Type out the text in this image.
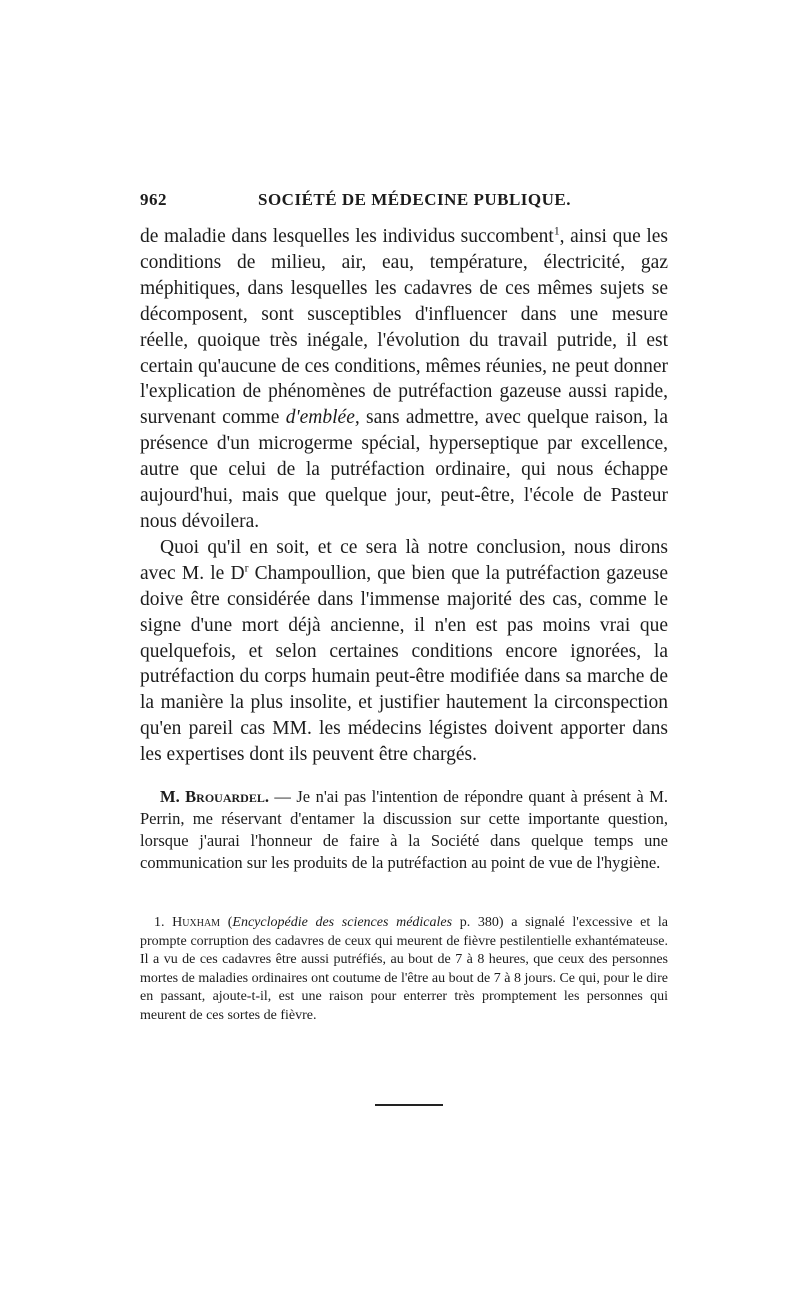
962	SOCIÉTÉ DE MÉDECINE PUBLIQUE.

de maladie dans lesquelles les individus succombent$^1$, ainsi que les conditions de milieu, air, eau, température, électricité, gaz méphitiques, dans lesquelles les cadavres de ces mêmes sujets se décomposent, sont susceptibles d'influencer dans une mesure réelle, quoique très inégale, l'évolution du travail putride, il est certain qu'aucune de ces conditions, mêmes réunies, ne peut donner l'explication de phénomènes de putréfaction gazeuse aussi rapide, survenant comme d'emblée, sans admettre, avec quelque raison, la présence d'un microgerme spécial, hyperseptique par excellence, autre que celui de la putréfaction ordinaire, qui nous échappe aujourd'hui, mais que quelque jour, peut-être, l'école de Pasteur nous dévoilera.

Quoi qu'il en soit, et ce sera là notre conclusion, nous dirons avec M. le $D^r$ Champoullion, que bien que la putréfaction gazeuse doive être considérée dans l'immense majorité des cas, comme le signe d'une mort déjà ancienne, il n'en est pas moins vrai que quelquefois, et selon certaines conditions encore ignorées, la putréfaction du corps humain peut-être modifiée dans sa marche de la manière la plus insolite, et justifier hautement la circonspection qu'en pareil cas MM. les médecins légistes doivent apporter dans les expertises dont ils peuvent être chargés.

M. Brouardel. — Je n'ai pas l'intention de répondre quant à présent à M. Perrin, me réservant d'entamer la discussion sur cette importante question, lorsque j'aurai l'honneur de faire à la Société dans quelque temps une communication sur les produits de la putréfaction au point de vue de l'hygiène.

1. Huxham (Encyclopédie des sciences médicales p. 380) a signalé l'excessive et la prompte corruption des cadavres de ceux qui meurent de fièvre pestilentielle exhantémateuse. Il a vu de ces cadavres être aussi putréfiés, au bout de 7 à 8 heures, que ceux des personnes mortes de maladies ordinaires ont coutume de l'être au bout de 7 à 8 jours. Ce qui, pour le dire en passant, ajoute-t-il, est une raison pour enterrer très promptement les personnes qui meurent de ces sortes de fièvre.
